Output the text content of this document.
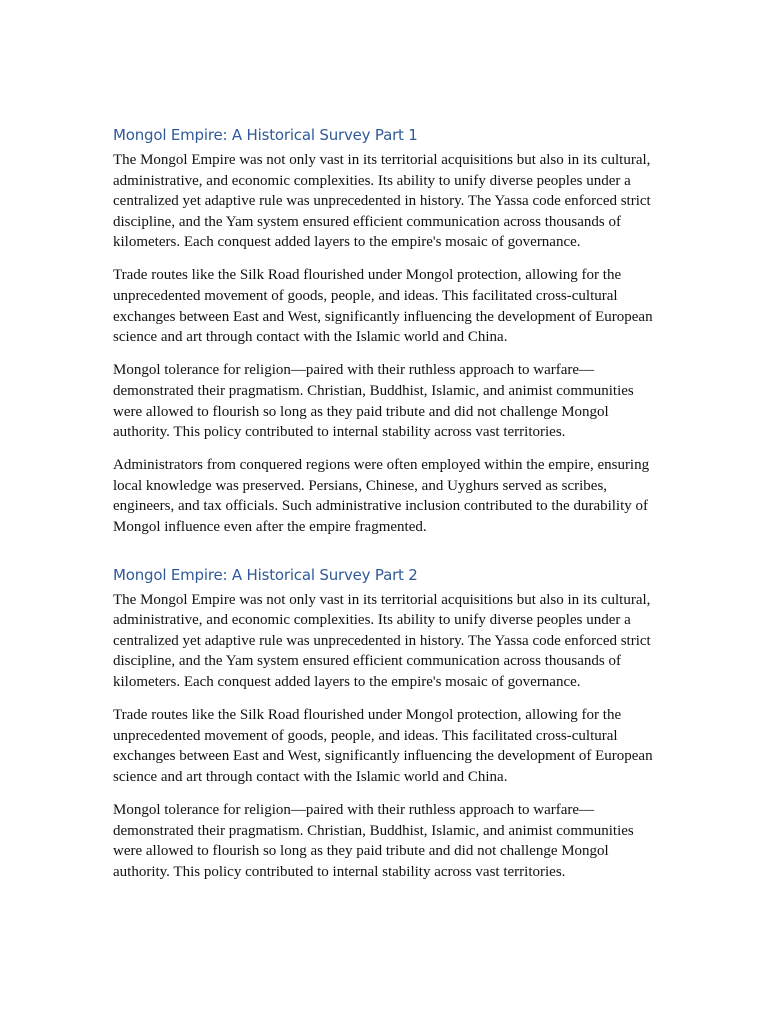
Mongol Empire: A Historical Survey Part 1

The Mongol Empire was not only vast in its territorial acquisitions but also in its cultural, administrative, and economic complexities. Its ability to unify diverse peoples under a centralized yet adaptive rule was unprecedented in history. The Yassa code enforced strict discipline, and the Yam system ensured efficient communication across thousands of kilometers. Each conquest added layers to the empire's mosaic of governance.

Trade routes like the Silk Road flourished under Mongol protection, allowing for the unprecedented movement of goods, people, and ideas. This facilitated cross-cultural exchanges between East and West, significantly influencing the development of European science and art through contact with the Islamic world and China.

Mongol tolerance for religion—paired with their ruthless approach to warfare—demonstrated their pragmatism. Christian, Buddhist, Islamic, and animist communities were allowed to flourish so long as they paid tribute and did not challenge Mongol authority. This policy contributed to internal stability across vast territories.

Administrators from conquered regions were often employed within the empire, ensuring local knowledge was preserved. Persians, Chinese, and Uyghurs served as scribes, engineers, and tax officials. Such administrative inclusion contributed to the durability of Mongol influence even after the empire fragmented.

Mongol Empire: A Historical Survey Part 2

The Mongol Empire was not only vast in its territorial acquisitions but also in its cultural, administrative, and economic complexities. Its ability to unify diverse peoples under a centralized yet adaptive rule was unprecedented in history. The Yassa code enforced strict discipline, and the Yam system ensured efficient communication across thousands of kilometers. Each conquest added layers to the empire's mosaic of governance.

Trade routes like the Silk Road flourished under Mongol protection, allowing for the unprecedented movement of goods, people, and ideas. This facilitated cross-cultural exchanges between East and West, significantly influencing the development of European science and art through contact with the Islamic world and China.

Mongol tolerance for religion—paired with their ruthless approach to warfare—demonstrated their pragmatism. Christian, Buddhist, Islamic, and animist communities were allowed to flourish so long as they paid tribute and did not challenge Mongol authority. This policy contributed to internal stability across vast territories.
